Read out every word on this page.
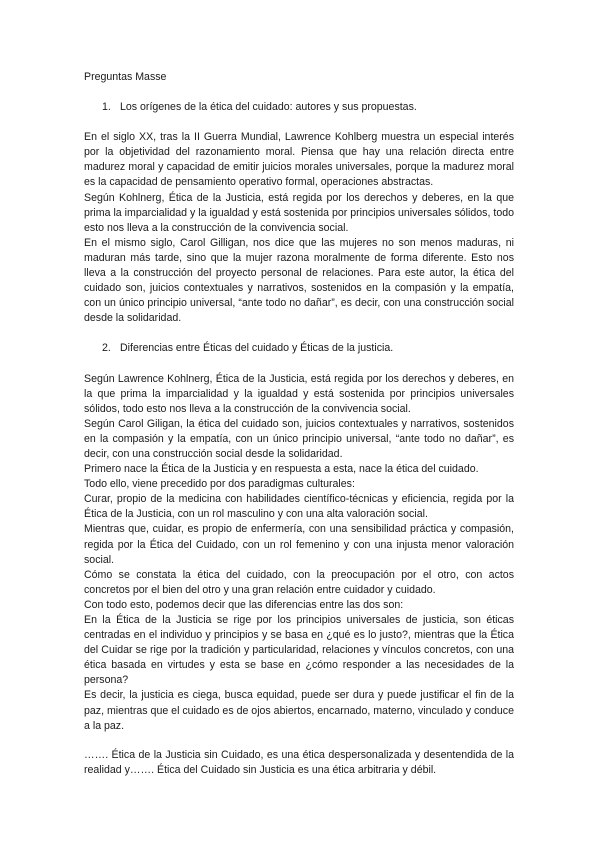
Preguntas Masse

1. Los orígenes de la ética del cuidado: autores y sus propuestas.

En el siglo XX, tras la II Guerra Mundial, Lawrence Kohlberg muestra un especial interés por la objetividad del razonamiento moral. Piensa que hay una relación directa entre madurez moral y capacidad de emitir juicios morales universales, porque la madurez moral es la capacidad de pensamiento operativo formal, operaciones abstractas.

Según Kohlnerg, Ética de la Justicia, está regida por los derechos y deberes, en la que prima la imparcialidad y la igualdad y está sostenida por principios universales sólidos, todo esto nos lleva a la construcción de la convivencia social.

En el mismo siglo, Carol Gilligan, nos dice que las mujeres no son menos maduras, ni maduran más tarde, sino que la mujer razona moralmente de forma diferente. Esto nos lleva a la construcción del proyecto personal de relaciones. Para este autor, la ética del cuidado son, juicios contextuales y narrativos, sostenidos en la compasión y la empatía, con un único principio universal, “ante todo no dañar”, es decir, con una construcción social desde la solidaridad.

2. Diferencias entre Éticas del cuidado y Éticas de la justicia.

Según Lawrence Kohlnerg, Ética de la Justicia, está regida por los derechos y deberes, en la que prima la imparcialidad y la igualdad y está sostenida por principios universales sólidos, todo esto nos lleva a la construcción de la convivencia social.

Según Carol Giligan, la ética del cuidado son, juicios contextuales y narrativos, sostenidos en la compasión y la empatía, con un único principio universal, “ante todo no dañar”, es decir, con una construcción social desde la solidaridad.

Primero nace la Ética de la Justicia y en respuesta a esta, nace la ética del cuidado.

Todo ello, viene precedido por dos paradigmas culturales:

Curar, propio de la medicina con habilidades científico-técnicas y eficiencia, regida por la Ética de la Justicia, con un rol masculino y con una alta valoración social.

Mientras que, cuidar, es propio de enfermería, con una sensibilidad práctica y compasión, regida por la Ética del Cuidado, con un rol femenino y con una injusta menor valoración social.

Cómo se constata la ética del cuidado, con la preocupación por el otro, con actos concretos por el bien del otro y una gran relación entre cuidador y cuidado.

Con todo esto, podemos decir que las diferencias entre las dos son:

En la Ética de la Justicia se rige por los principios universales de justicia, son éticas centradas en el individuo y principios y se basa en ¿qué es lo justo?, mientras que la Ética del Cuidar se rige por la tradición y particularidad, relaciones y vínculos concretos, con una ética basada en virtudes y esta se base en ¿cómo responder a las necesidades de la persona?

Es decir, la justicia es ciega, busca equidad, puede ser dura y puede justificar el fin de la paz, mientras que el cuidado es de ojos abiertos, encarnado, materno, vinculado y conduce a la paz.

……. Ética de la Justicia sin Cuidado, es una ética despersonalizada y desentendida de la realidad y……. Ética del Cuidado sin Justicia es una ética arbitraria y débil.
